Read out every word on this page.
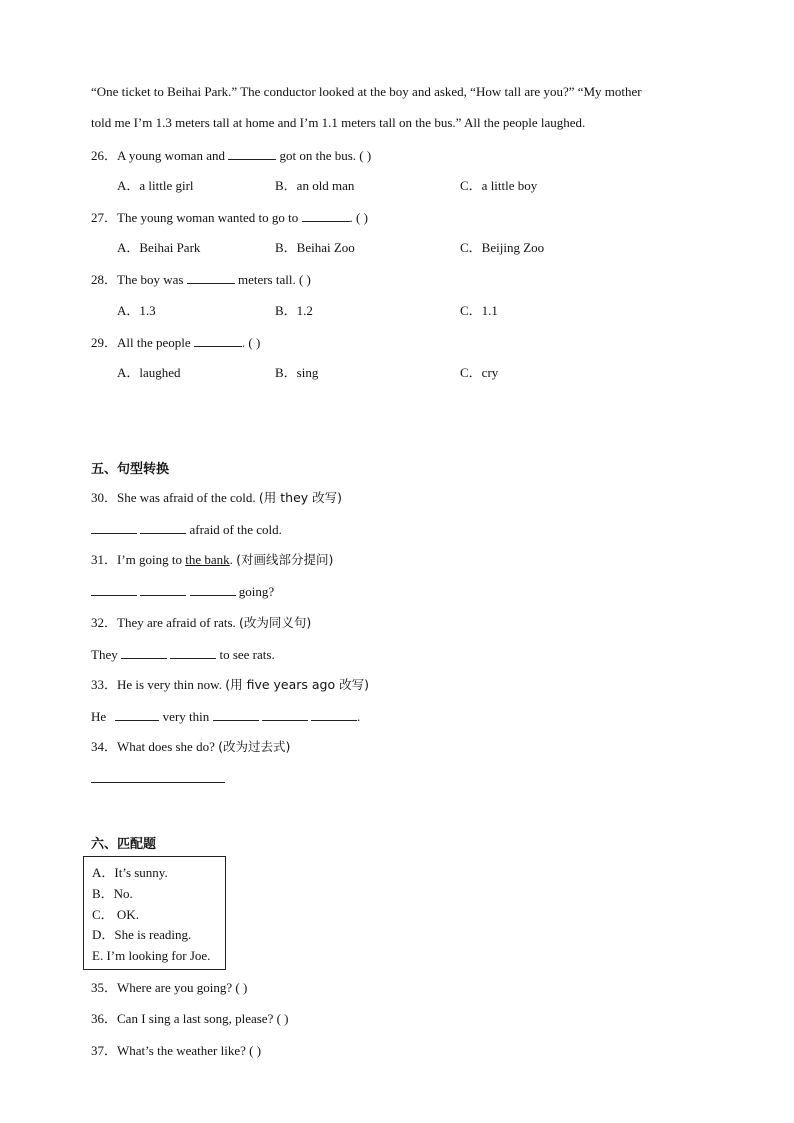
“One ticket to Beihai Park.” The conductor looked at the boy and asked, “How tall are you?” “My mother
told me I’m 1.3 meters tall at home and I’m 1.1 meters tall on the bus.” All the people laughed.
26．A young woman and	got on the bus. ( )
A．a little girl	B．an old man	C．a little boy
27．The young woman wanted to go to	. ( )
A．Beihai Park	B．Beihai Zoo	C．Beijing Zoo
28．The boy was	meters tall. ( )
A．1.3	B．1.2	C．1.1
29．All the people	. ( )
A．laughed	B．sing	C．cry
五、句型转换
30．She was afraid of the cold. (用 they 改写)
afraid of the cold.
31．I’m going to the bank. (对画线部分提问)
going?
32．They are afraid of rats. (改为同义句)
They	to see rats.
33．He is very thin now. (用 five years ago 改写)
He	very thin	.
34．What does she do? (改为过去式)
六、匹配题
A．It’s sunny.
B．No.
C． OK.
D．She is reading.
E. I’m looking for Joe.
35．Where are you going? ( )
36．Can I sing a last song, please? ( )
37．What’s the weather like? ( )
